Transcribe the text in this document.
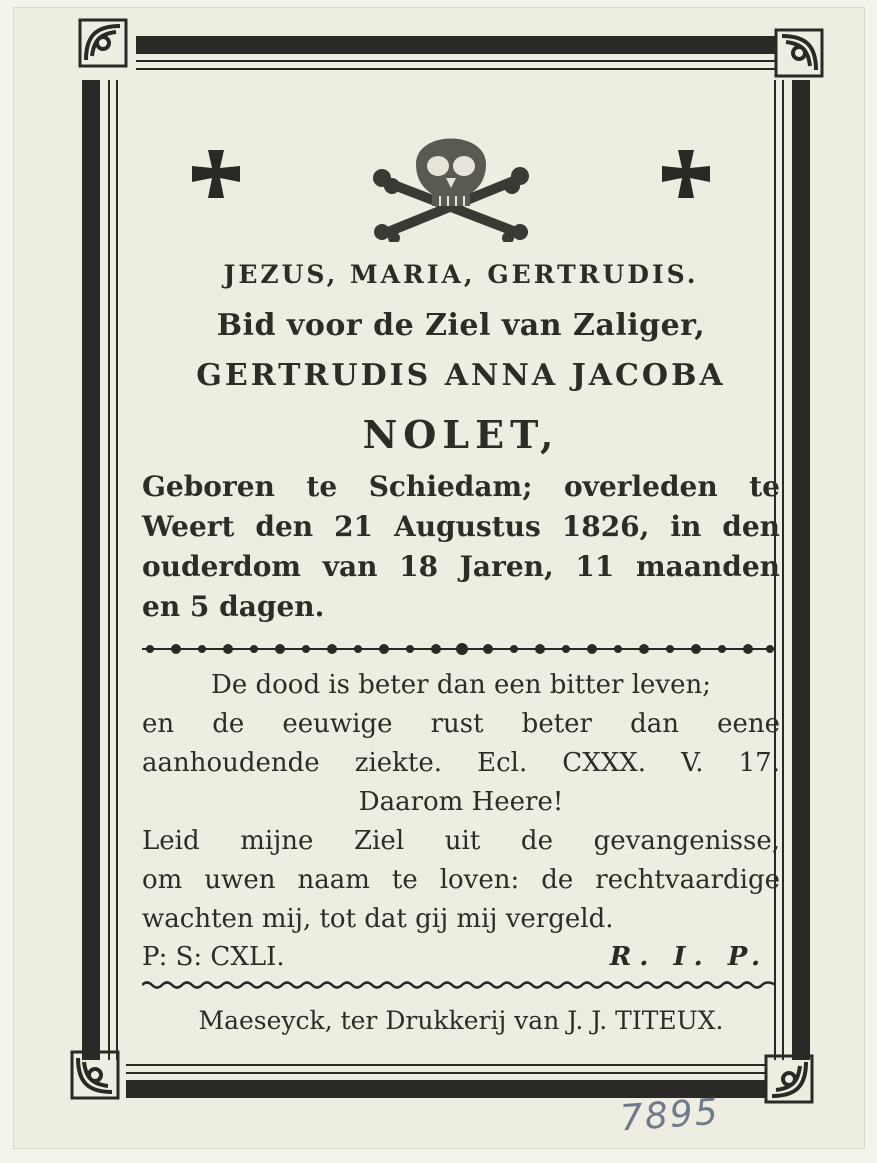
JEZUS, MARIA, GERTRUDIS.
Bid voor de Ziel van Zaliger,
GERTRUDIS ANNA JACOBA
NOLET,
Geboren te Schiedam; overleden te
Weert den 21 Augustus 1826, in den
ouderdom van 18 Jaren, 11 maanden
en 5 dagen.
De dood is beter dan een bitter leven;
en de eeuwige rust beter dan eene
aanhoudende ziekte. Ecl. CXXX. V. 17.
Daarom Heere!
Leid mijne Ziel uit de gevangenisse,
om uwen naam te loven: de rechtvaardige
wachten mij, tot dat gij mij vergeld.
P: S: CXLI.	R. I. P.
Maeseyck, ter Drukkerij van J. J. TITEUX.
7895
